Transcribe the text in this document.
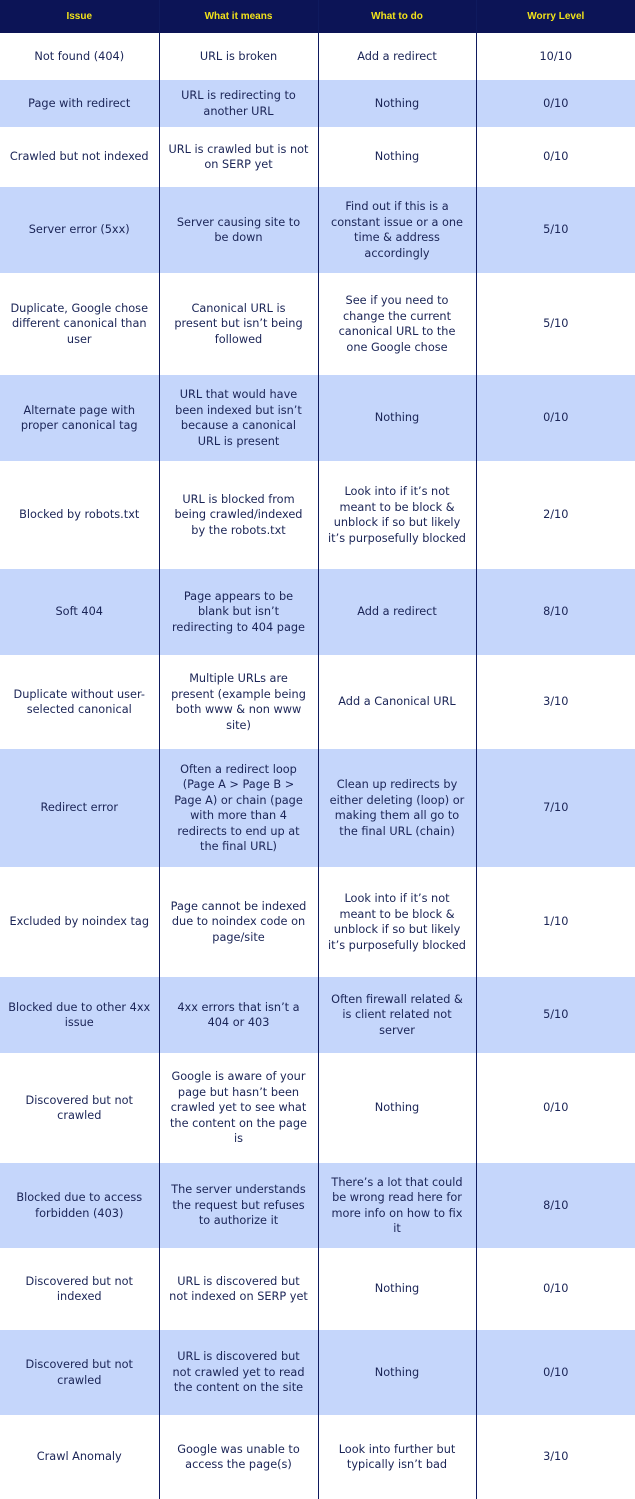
Issue	What it means	What to do	Worry Level
Not found (404)	URL is broken	Add a redirect	10/10
Page with redirect	URL is redirecting to another URL	Nothing	0/10
Crawled but not indexed	URL is crawled but is not on SERP yet	Nothing	0/10
Server error (5xx)	Server causing site to be down	Find out if this is a constant issue or a one time & address accordingly	5/10
Duplicate, Google chose different canonical than user	Canonical URL is present but isn’t being followed	See if you need to change the current canonical URL to the one Google chose	5/10
Alternate page with proper canonical tag	URL that would have been indexed but isn’t because a canonical URL is present	Nothing	0/10
Blocked by robots.txt	URL is blocked from being crawled/indexed by the robots.txt	Look into if it’s not meant to be block & unblock if so but likely it’s purposefully blocked	2/10
Soft 404	Page appears to be blank but isn’t redirecting to 404 page	Add a redirect	8/10
Duplicate without user-selected canonical	Multiple URLs are present (example being both www & non www site)	Add a Canonical URL	3/10
Redirect error	Often a redirect loop (Page A > Page B > Page A) or chain (page with more than 4 redirects to end up at the final URL)	Clean up redirects by either deleting (loop) or making them all go to the final URL (chain)	7/10
Excluded by noindex tag	Page cannot be indexed due to noindex code on page/site	Look into if it’s not meant to be block & unblock if so but likely it’s purposefully blocked	1/10
Blocked due to other 4xx issue	4xx errors that isn’t a 404 or 403	Often firewall related & is client related not server	5/10
Discovered but not crawled	Google is aware of your page but hasn’t been crawled yet to see what the content on the page is	Nothing	0/10
Blocked due to access forbidden (403)	The server understands the request but refuses to authorize it	There’s a lot that could be wrong read here for more info on how to fix it	8/10
Discovered but not indexed	URL is discovered but not indexed on SERP yet	Nothing	0/10
Discovered but not crawled	URL is discovered but not crawled yet to read the content on the site	Nothing	0/10
Crawl Anomaly	Google was unable to access the page(s)	Look into further but typically isn’t bad	3/10
